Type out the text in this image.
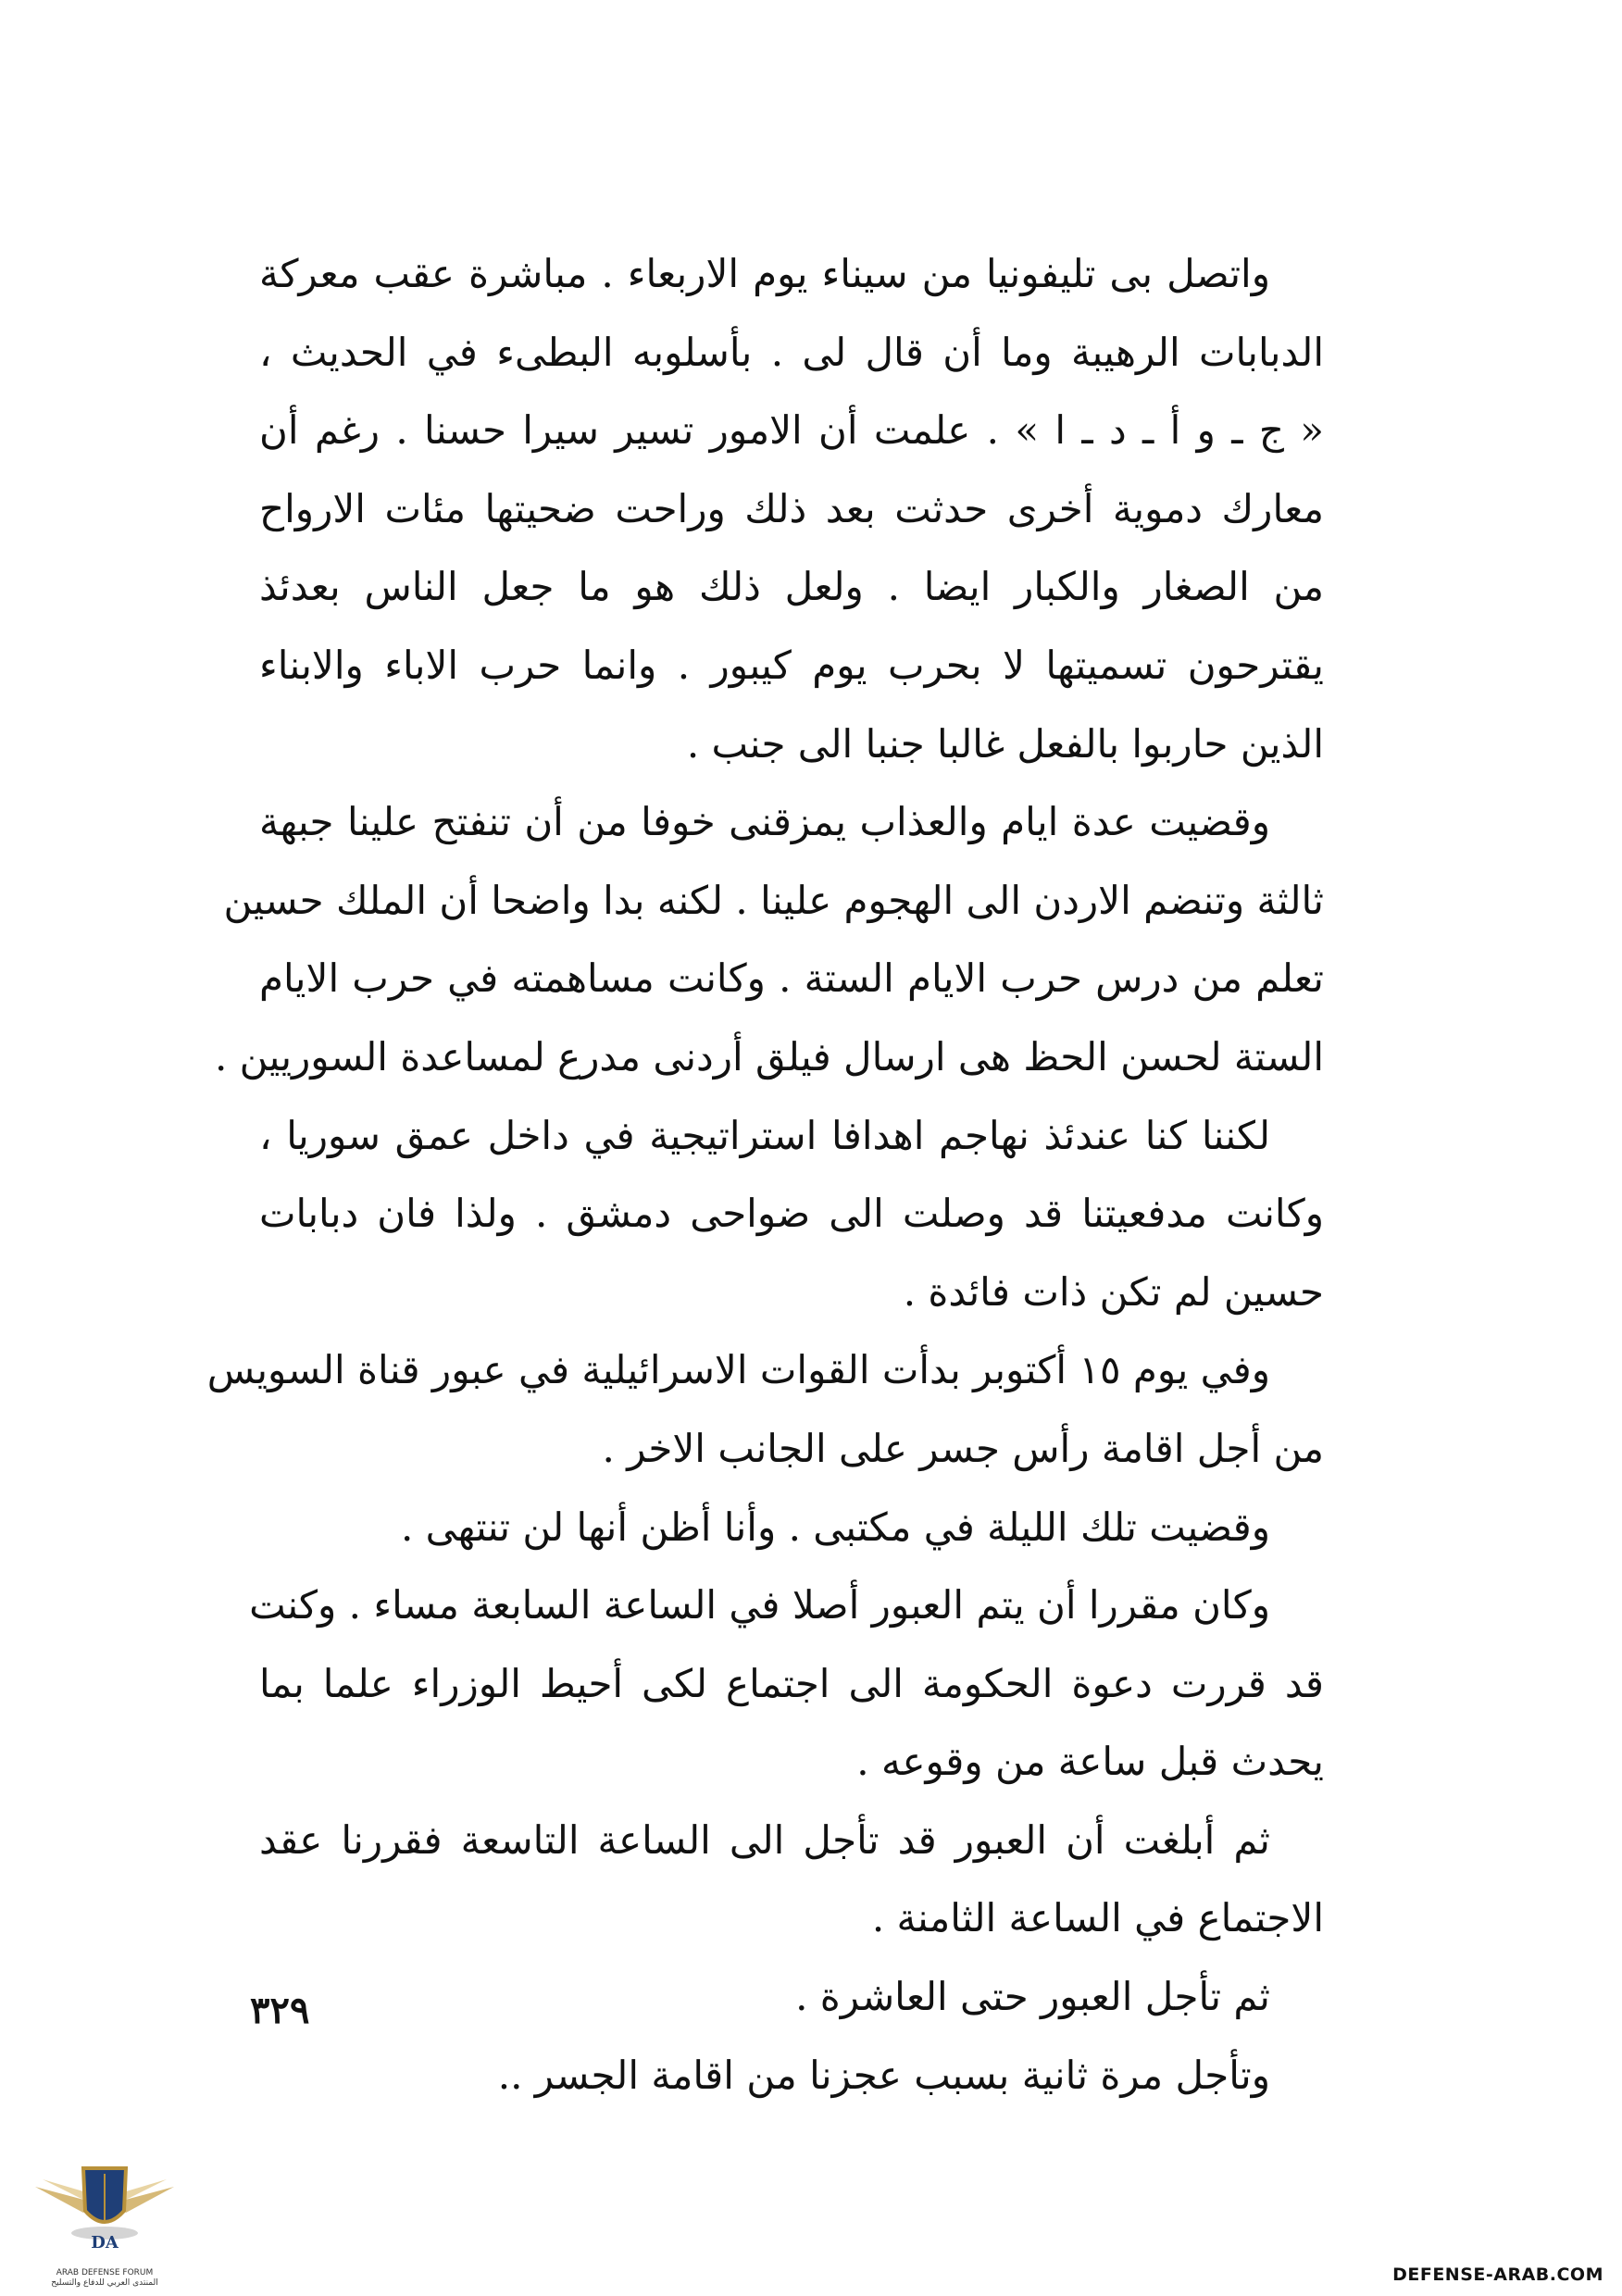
واتصل بى تليفونيا من سيناء يوم الاربعاء . مباشرة عقب معركة
الدبابات الرهيبة وما أن قال لى . بأسلوبه البطىء في الحديث ،
« ج ـ و أ ـ د ـ ا » . علمت أن الامور تسير سيرا حسنا . رغم أن
معارك دموية أخرى حدثت بعد ذلك وراحت ضحيتها مئات الارواح
من الصغار والكبار ايضا . ولعل ذلك هو ما جعل الناس بعدئذ
يقترحون تسميتها لا بحرب يوم كيبور . وانما حرب الاباء والابناء
الذين حاربوا بالفعل غالبا جنبا الى جنب .
وقضيت عدة ايام والعذاب يمزقنى خوفا من أن تنفتح علينا جبهة
ثالثة وتنضم الاردن الى الهجوم علينا . لكنه بدا واضحا أن الملك حسين
تعلم من درس حرب الايام الستة . وكانت مساهمته في حرب الايام
الستة لحسن الحظ هى ارسال فيلق أردنى مدرع لمساعدة السوريين .
لكننا كنا عندئذ نهاجم اهدافا استراتيجية في داخل عمق سوريا ،
وكانت مدفعيتنا قد وصلت الى ضواحى دمشق . ولذا فان دبابات
حسين لم تكن ذات فائدة .
وفي يوم ١٥ أكتوبر بدأت القوات الاسرائيلية في عبور قناة السويس
من أجل اقامة رأس جسر على الجانب الاخر .
وقضيت تلك الليلة في مكتبى . وأنا أظن أنها لن تنتهى .
وكان مقررا أن يتم العبور أصلا في الساعة السابعة مساء . وكنت
قد قررت دعوة الحكومة الى اجتماع لكى أحيط الوزراء علما بما
يحدث قبل ساعة من وقوعه .
ثم أبلغت أن العبور قد تأجل الى الساعة التاسعة فقررنا عقد
الاجتماع في الساعة الثامنة .
ثم تأجل العبور حتى العاشرة .
وتأجل مرة ثانية بسبب عجزنا من اقامة الجسر ..
٣٢٩
DA
ARAB DEFENSE FORUM
المنتدى العربي للدفاع والتسليح	DEFENSE-ARAB.COM
